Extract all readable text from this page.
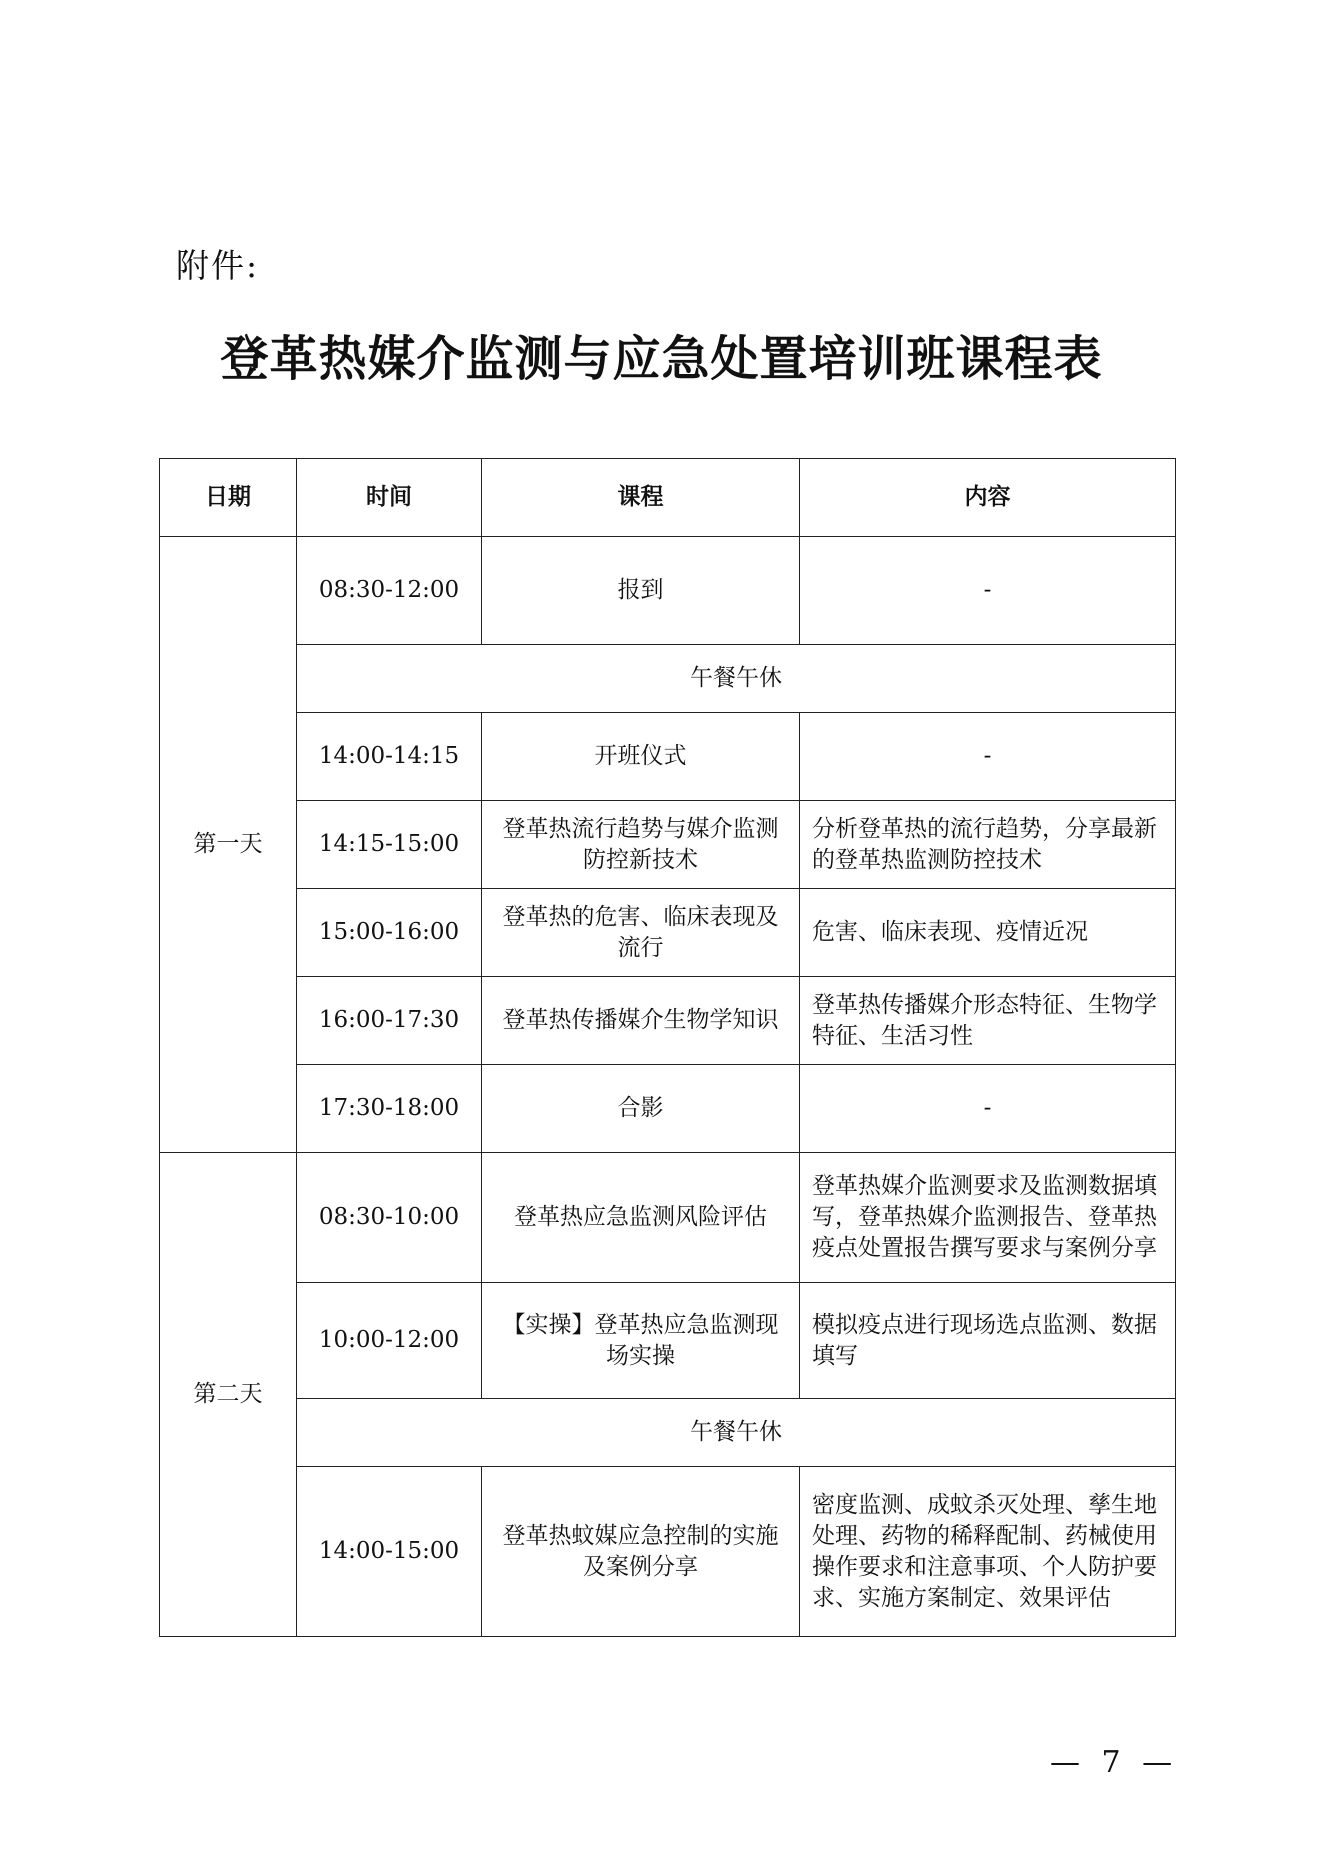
附件:
登革热媒介监测与应急处置培训班课程表
日期	时间	课程	内容
第一天	08:30-12:00	报到	-
	午餐午休		
	14:00-14:15	开班仪式	-
	14:15-15:00	登革热流行趋势与媒介监测防控新技术	分析登革热的流行趋势，分享最新的登革热监测防控技术
	15:00-16:00	登革热的危害、临床表现及流行	危害、临床表现、疫情近况
	16:00-17:30	登革热传播媒介生物学知识	登革热传播媒介形态特征、生物学特征、生活习性
	17:30-18:00	合影	-
第二天	08:30-10:00	登革热应急监测风险评估	登革热媒介监测要求及监测数据填写，登革热媒介监测报告、登革热疫点处置报告撰写要求与案例分享
	10:00-12:00	【实操】登革热应急监测现场实操	模拟疫点进行现场选点监测、数据填写
	午餐午休		
	14:00-15:00	登革热蚊媒应急控制的实施及案例分享	密度监测、成蚊杀灭处理、孳生地处理、药物的稀释配制、药械使用操作要求和注意事项、个人防护要求、实施方案制定、效果评估
— 7 —
